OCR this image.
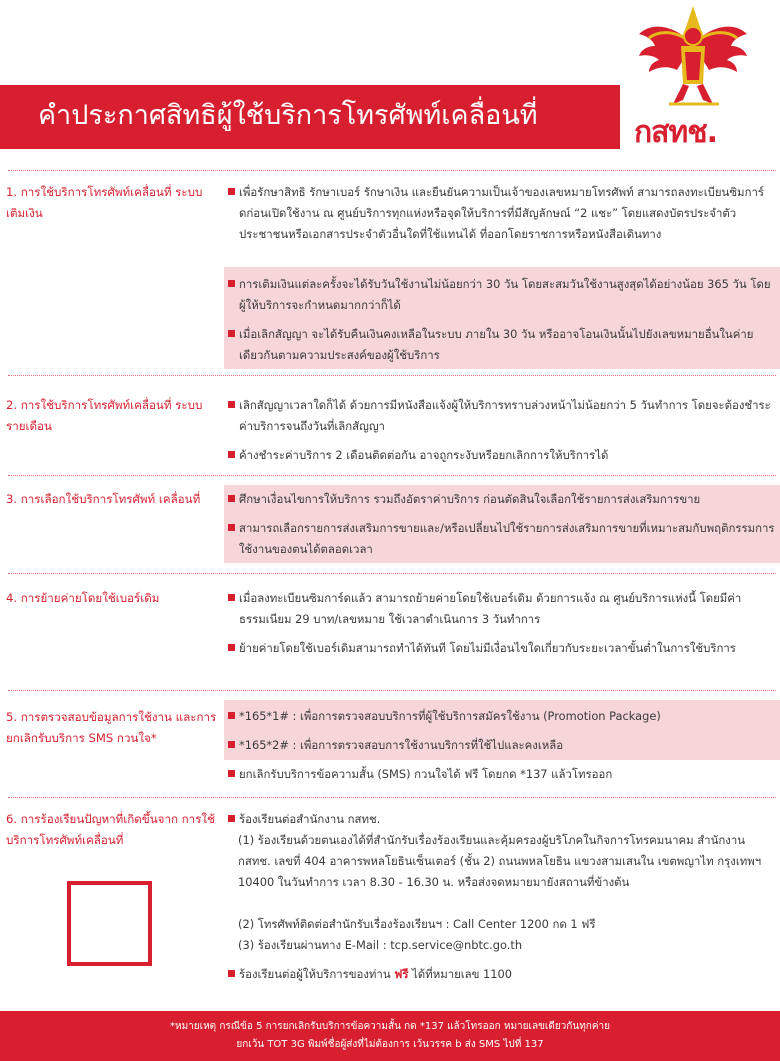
คำประกาศสิทธิผู้ใช้บริการโทรศัพท์เคลื่อนที่	กสทช.
1. การใช้บริการโทรศัพท์เคลื่อนที่ ระบบเติมเงิน
เพื่อรักษาสิทธิ รักษาเบอร์ รักษาเงิน และยืนยันความเป็นเจ้าของเลขหมายโทรศัพท์ สามารถลงทะเบียนซิมการ์ดก่อนเปิดใช้งาน ณ ศูนย์บริการทุกแห่งหรือจุดให้บริการที่มีสัญลักษณ์ “2 แชะ” โดยแสดงบัตรประจำตัวประชาชนหรือเอกสารประจำตัวอื่นใดที่ใช้แทนได้ ที่ออกโดยราชการหรือหนังสือเดินทาง
การเติมเงินแต่ละครั้งจะได้รับวันใช้งานไม่น้อยกว่า 30 วัน โดยสะสมวันใช้งานสูงสุดได้อย่างน้อย 365 วัน โดยผู้ให้บริการจะกำหนดมากกว่าก็ได้
เมื่อเลิกสัญญา จะได้รับคืนเงินคงเหลือในระบบ ภายใน 30 วัน หรืออาจโอนเงินนั้นไปยังเลขหมายอื่นในค่ายเดียวกันตามความประสงค์ของผู้ใช้บริการ
2. การใช้บริการโทรศัพท์เคลื่อนที่ ระบบรายเดือน
เลิกสัญญาเวลาใดก็ได้ ด้วยการมีหนังสือแจ้งผู้ให้บริการทราบล่วงหน้าไม่น้อยกว่า 5 วันทำการ โดยจะต้องชำระค่าบริการจนถึงวันที่เลิกสัญญา
ค้างชำระค่าบริการ 2 เดือนติดต่อกัน อาจถูกระงับหรือยกเลิกการให้บริการได้
3. การเลือกใช้บริการโทรศัพท์ เคลื่อนที่	ศึกษาเงื่อนไขการให้บริการ รวมถึงอัตราค่าบริการ ก่อนตัดสินใจเลือกใช้รายการส่งเสริมการขาย
สามารถเลือกรายการส่งเสริมการขายและ/หรือเปลี่ยนไปใช้รายการส่งเสริมการขายที่เหมาะสมกับพฤติกรรมการใช้งานของตนได้ตลอดเวลา
4. การย้ายค่ายโดยใช้เบอร์เดิม	เมื่อลงทะเบียนซิมการ์ดแล้ว สามารถย้ายค่ายโดยใช้เบอร์เดิม ด้วยการแจ้ง ณ ศูนย์บริการแห่งนี้ โดยมีค่าธรรมเนียม 29 บาท/เลขหมาย ใช้เวลาดำเนินการ 3 วันทำการ
ย้ายค่ายโดยใช้เบอร์เดิมสามารถทำได้ทันที โดยไม่มีเงื่อนไขใดเกี่ยวกับระยะเวลาขั้นต่ำในการใช้บริการ
5. การตรวจสอบข้อมูลการใช้งาน และการยกเลิกรับบริการ SMS กวนใจ*
*165*1# : เพื่อการตรวจสอบบริการที่ผู้ใช้บริการสมัครใช้งาน (Promotion Package)
*165*2# : เพื่อการตรวจสอบการใช้งานบริการที่ใช้ไปและคงเหลือ
ยกเลิกรับบริการข้อความสั้น (SMS) กวนใจได้ ฟรี โดยกด *137 แล้วโทรออก
6. การร้องเรียนปัญหาที่เกิดขึ้นจาก การใช้บริการโทรศัพท์เคลื่อนที่
ร้องเรียนต่อสำนักงาน กสทช.
(1) ร้องเรียนด้วยตนเองได้ที่สำนักรับเรื่องร้องเรียนและคุ้มครองผู้บริโภคในกิจการโทรคมนาคม สำนักงาน กสทช. เลขที่ 404 อาคารพหลโยธินเซ็นเตอร์ (ชั้น 2) ถนนพหลโยธิน แขวงสามเสนใน เขตพญาไท กรุงเทพฯ 10400 ในวันทำการ เวลา 8.30 - 16.30 น. หรือส่งจดหมายมายังสถานที่ข้างต้น
(2) โทรศัพท์ติดต่อสำนักรับเรื่องร้องเรียนฯ : Call Center 1200 กด 1 ฟรี
(3) ร้องเรียนผ่านทาง E-Mail : tcp.service@nbtc.go.th
ร้องเรียนต่อผู้ให้บริการของท่าน ฟรี ได้ที่หมายเลข 1100
*หมายเหตุ กรณีข้อ 5 การยกเลิกรับบริการข้อความสั้น กด *137 แล้วโทรออก หมายเลขเดียวกันทุกค่าย
ยกเว้น TOT 3G พิมพ์ชื่อผู้ส่งที่ไม่ต้องการ เว้นวรรค b ส่ง SMS ไปที่ 137
